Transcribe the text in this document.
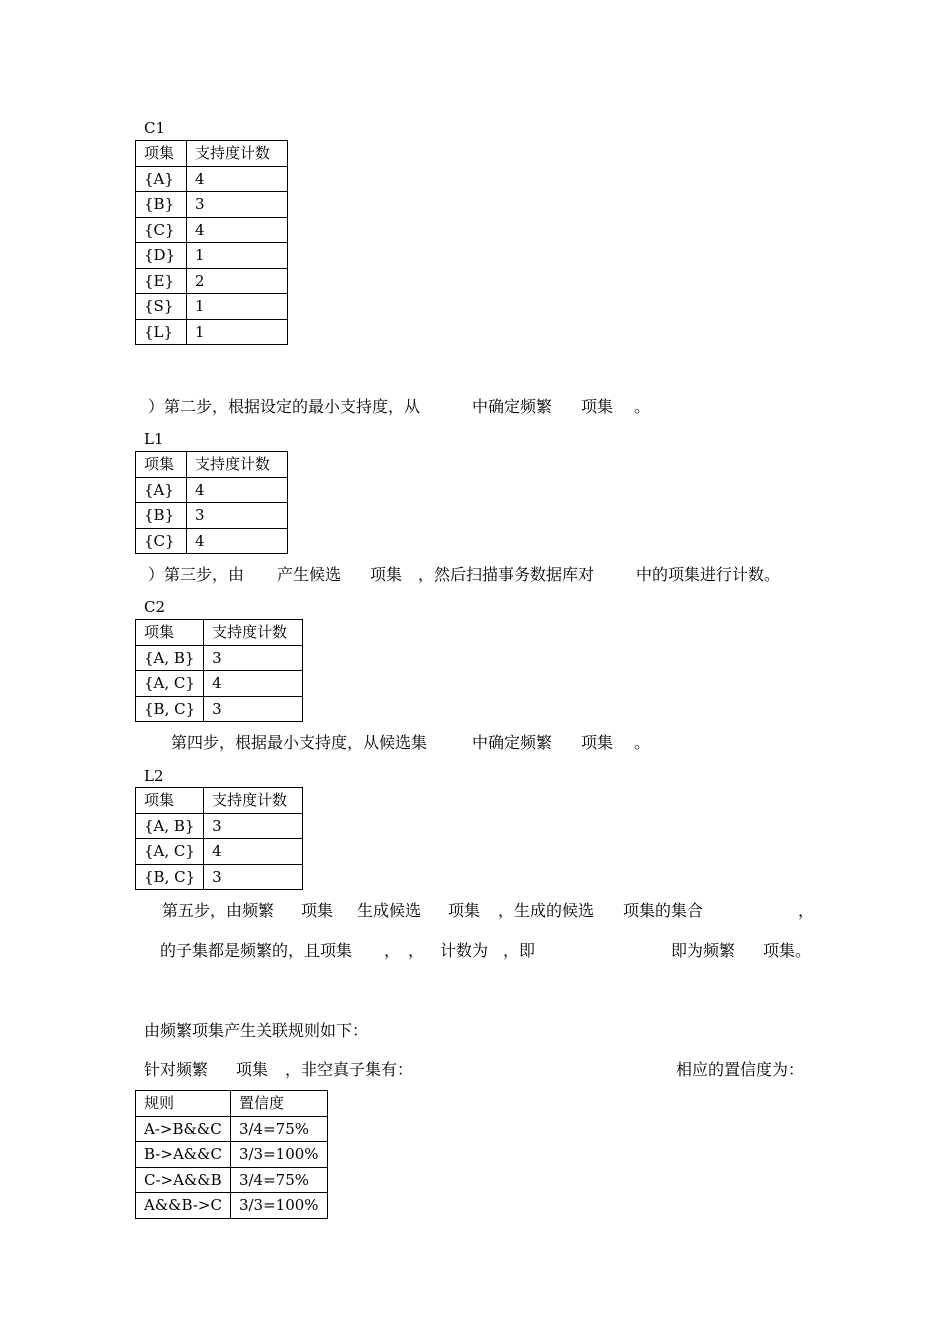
C1
项集	支持度计数
{A}	4
{B}	3
{C}	4
{D}	1
{E}	2
{S}	1
{L}	1
）第二步，根据设定的最小支持度，从	中确定频繁 项集 。
L1
项集	支持度计数
{A}	4
{B}	3
{C}	4
）第三步，由 产生候选 项集 ，然后扫描事务数据库对	中的项集进行计数。
C2
项集	支持度计数
{A, B}	3
{A, C}	4
{B, C}	3
第四步，根据最小支持度，从候选集	中确定频繁 项集 。
L2
项集	支持度计数
{A, B}	3
{A, C}	4
{B, C}	3
第五步，由频繁 项集 生成候选 项集 ，生成的候选 项集的集合	，
的子集都是频繁的，且项集 ， ， 计数为 ，即	即为频繁 项集。
由频繁项集产生关联规则如下：
针对频繁 项集 ，非空真子集有：	相应的置信度为：
规则	置信度
A->B&&C	3/4=75%
B->A&&C	3/3=100%
C->A&&B	3/4=75%
A&&B->C	3/3=100%
